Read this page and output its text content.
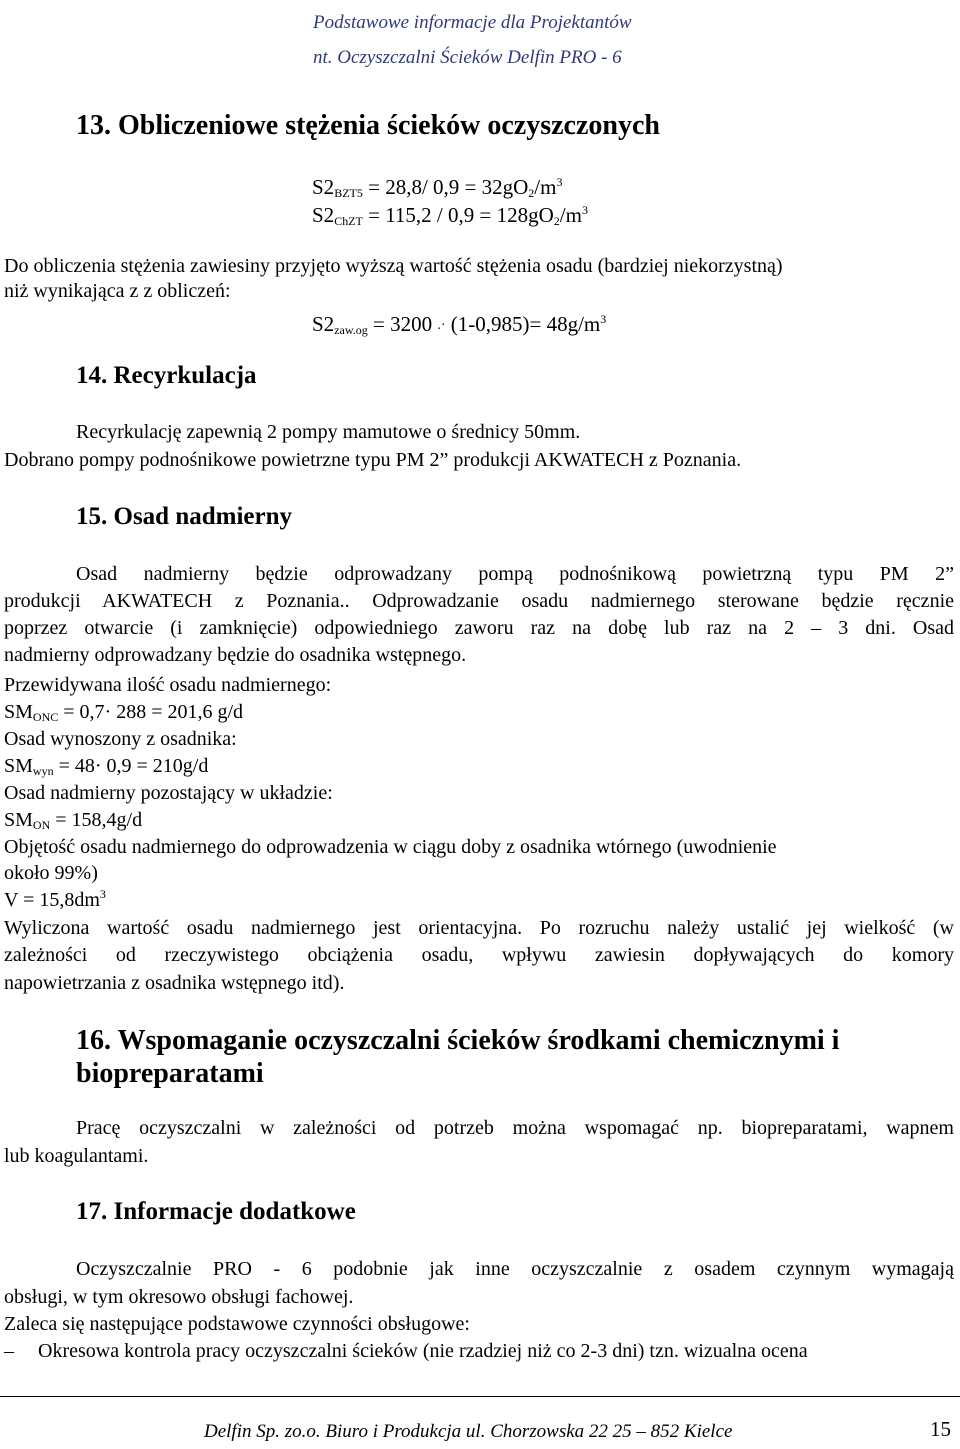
Podstawowe informacje dla Projektantów
nt. Oczyszczalni Ścieków Delfin PRO - 6
13. Obliczeniowe stężenia ścieków oczyszczonych
$S2_{BZT5} = 28,8/$ $0,9 = 32gO_2/m^3$
$S2_{ChZT} = 115,2 / 0,9 = 128gO_2/m^3$
Do obliczenia stężenia zawiesiny przyjęto wyższą wartość stężenia osadu (bardziej niekorzystną)
niż wynikająca z z obliczeń:
$S2_{zaw.og} = 3200$ .· $(1-0,985)= 48g/m^3$
14. Recyrkulacja
Recyrkulację zapewnią 2 pompy mamutowe o średnicy 50mm.
Dobrano pompy podnośnikowe powietrzne typu PM 2” produkcji AKWATECH z Poznania.
15. Osad nadmierny
Osad nadmierny będzie odprowadzany pompą podnośnikową powietrzną typu PM 2”
produkcji AKWATECH z Poznania.. Odprowadzanie osadu nadmiernego sterowane będzie ręcznie
poprzez otwarcie (i zamknięcie) odpowiedniego zaworu raz na dobę lub raz na 2 – 3 dni. Osad
nadmierny odprowadzany będzie do osadnika wstępnego.
Przewidywana ilość osadu nadmiernego:
$SM_{ONC} = 0,7\cdot 288 = 201,6$ g/d
Osad wynoszony z osadnika:
$SM_{wyn} = 48\cdot 0,9 = 210g/d$
Osad nadmierny pozostający w układzie:
$SM_{ON} = 158,4g/d$
Objętość osadu nadmiernego do odprowadzenia w ciągu doby z osadnika wtórnego (uwodnienie
około 99%)
$V = 15,8dm^3$
Wyliczona wartość osadu nadmiernego jest orientacyjna. Po rozruchu należy ustalić jej wielkość (w
zależności od rzeczywistego obciążenia osadu, wpływu zawiesin dopływających do komory
napowietrzania z osadnika wstępnego itd).
16. Wspomaganie oczyszczalni ścieków środkami chemicznymi i
biopreparatami
Pracę oczyszczalni w zależności od potrzeb można wspomagać np. biopreparatami, wapnem
lub koagulantami.
17. Informacje dodatkowe
Oczyszczalnie PRO - 6 podobnie jak inne oczyszczalnie z osadem czynnym wymagają
obsługi, w tym okresowo obsługi fachowej.
Zaleca się następujące podstawowe czynności obsługowe:
– Okresowa kontrola pracy oczyszczalni ścieków (nie rzadziej niż co 2-3 dni) tzn. wizualna ocena
Delfin Sp. zo.o. Biuro i Produkcja ul. Chorzowska 22 25 – 852 Kielce	15
